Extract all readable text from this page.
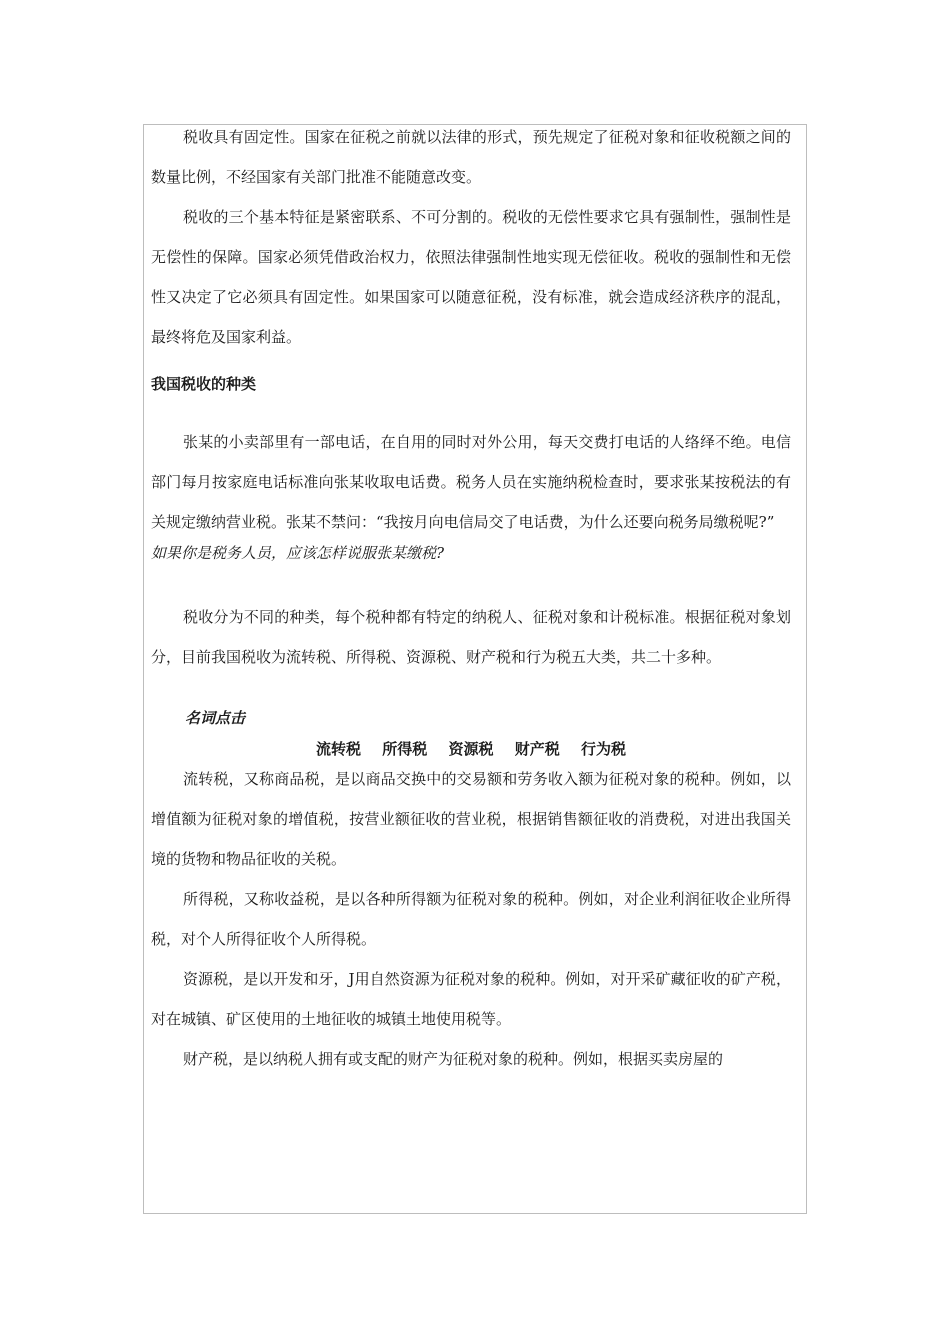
税收具有固定性。国家在征税之前就以法律的形式，预先规定了征税对象和征收税额之间的数量比例，不经国家有关部门批准不能随意改变。

税收的三个基本特征是紧密联系、不可分割的。税收的无偿性要求它具有强制性，强制性是无偿性的保障。国家必须凭借政治权力，依照法律强制性地实现无偿征收。税收的强制性和无偿性又决定了它必须具有固定性。如果国家可以随意征税，没有标准，就会造成经济秩序的混乱，最终将危及国家利益。

我国税收的种类

张某的小卖部里有一部电话，在自用的同时对外公用，每天交费打电话的人络绎不绝。电信部门每月按家庭电话标准向张某收取电话费。税务人员在实施纳税检查时，要求张某按税法的有关规定缴纳营业税。张某不禁问：“我按月向电信局交了电话费，为什么还要向税务局缴税呢?”

如果你是税务人员，应该怎样说服张某缴税?

税收分为不同的种类，每个税种都有特定的纳税人、征税对象和计税标准。根据征税对象划分，目前我国税收为流转税、所得税、资源税、财产税和行为税五大类，共二十多种。

名词点击

流转税 所得税 资源税 财产税 行为税

流转税，又称商品税，是以商品交换中的交易额和劳务收入额为征税对象的税种。例如，以增值额为征税对象的增值税，按营业额征收的营业税，根据销售额征收的消费税，对进出我国关境的货物和物品征收的关税。

所得税，又称收益税，是以各种所得额为征税对象的税种。例如，对企业利润征收企业所得税，对个人所得征收个人所得税。

资源税，是以开发和牙，J用自然资源为征税对象的税种。例如，对开采矿藏征收的矿产税，对在城镇、矿区使用的土地征收的城镇土地使用税等。

财产税，是以纳税人拥有或支配的财产为征税对象的税种。例如，根据买卖房屋的
